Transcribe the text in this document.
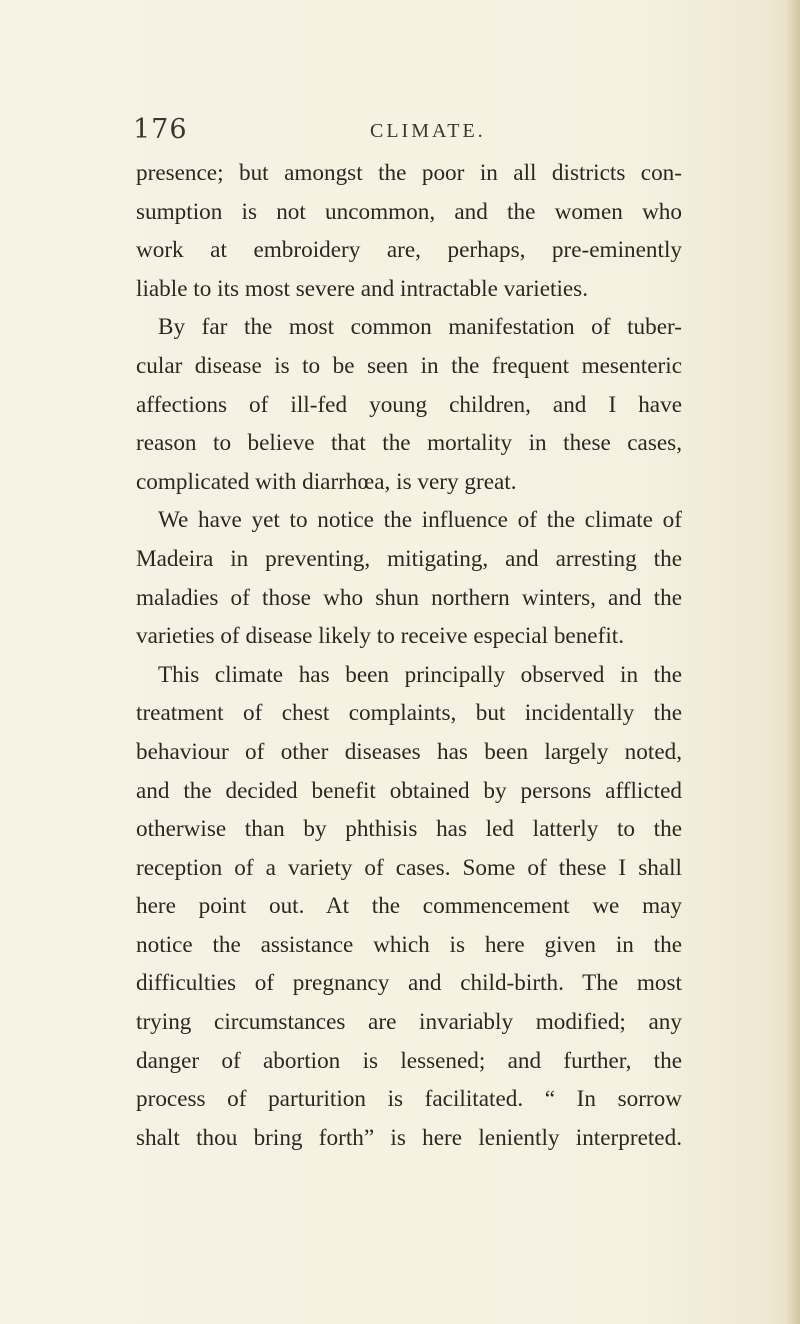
176	CLIMATE.
presence; but amongst the poor in all districts con-
sumption is not uncommon, and the women who
work at embroidery are, perhaps, pre-eminently
liable to its most severe and intractable varieties.
By far the most common manifestation of tuber-
cular disease is to be seen in the frequent mesenteric
affections of ill-fed young children, and I have
reason to believe that the mortality in these cases,
complicated with diarrhœa, is very great.
We have yet to notice the influence of the climate of
Madeira in preventing, mitigating, and arresting the
maladies of those who shun northern winters, and the
varieties of disease likely to receive especial benefit.
This climate has been principally observed in the
treatment of chest complaints, but incidentally the
behaviour of other diseases has been largely noted,
and the decided benefit obtained by persons afflicted
otherwise than by phthisis has led latterly to the
reception of a variety of cases. Some of these I shall
here point out. At the commencement we may
notice the assistance which is here given in the
difficulties of pregnancy and child-birth. The most
trying circumstances are invariably modified; any
danger of abortion is lessened; and further, the
process of parturition is facilitated. “ In sorrow
shalt thou bring forth” is here leniently interpreted.
